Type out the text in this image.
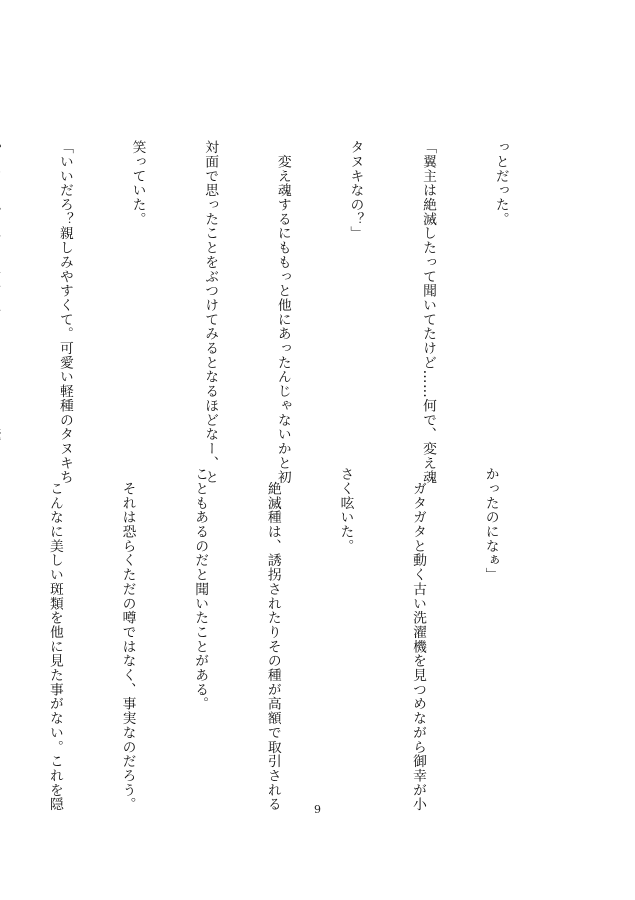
っとだった。

「翼主は絶滅したって聞いてたけど……何で、変え魂

タヌキなの？」

　変え魂するにももっと他にあったんじゃないかと初

対面で思ったことをぶつけてみるとなるほどなー、と

笑っていた。

「いいだろ？親しみやすくて。可愛い軽種のタヌキち

かったのになぁ」

　ガタガタと動く古い洗濯機を見つめながら御幸が小

さく呟いた。

　絶滅種は、誘拐されたりその種が高額で取引される

こともあるのだと聞いたことがある。

　それは恐らくただの噂ではなく、事実なのだろう。

　こんなに美しい斑類を他に見た事がない。これを隠

	9
